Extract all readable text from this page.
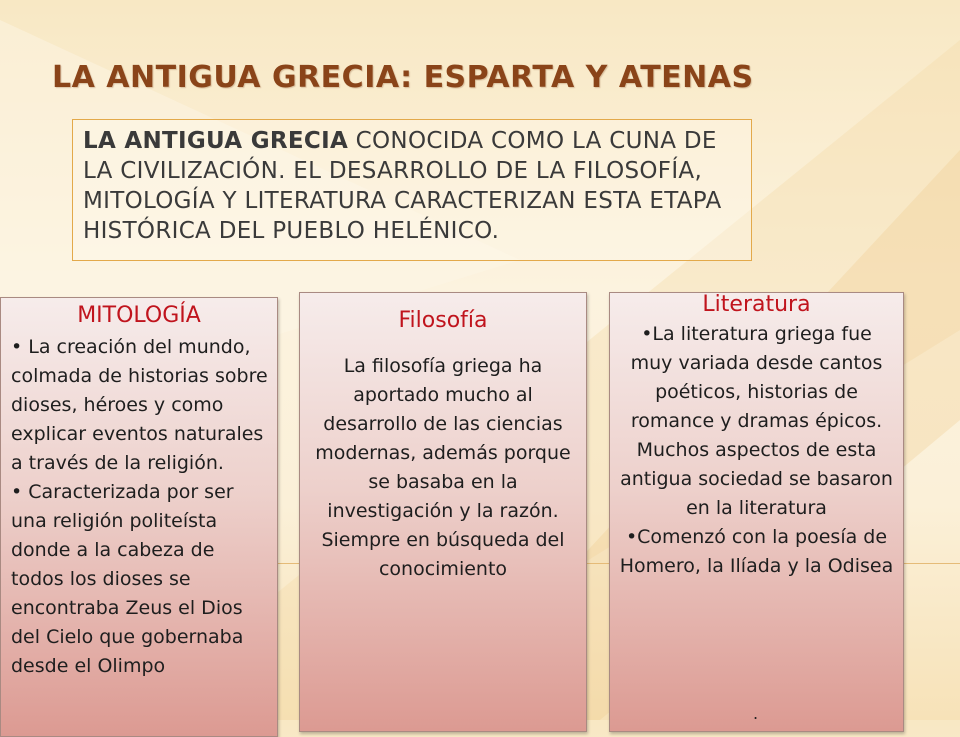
LA ANTIGUA GRECIA: ESPARTA Y ATENAS

LA ANTIGUA GRECIA CONOCIDA COMO LA CUNA DE LA CIVILIZACIÓN. EL DESARROLLO DE LA FILOSOFÍA, MITOLOGÍA Y LITERATURA CARACTERIZAN ESTA ETAPA HISTÓRICA DEL PUEBLO HELÉNICO.

MITOLOGÍA

• La creación del mundo, colmada de historias sobre dioses, héroes y como explicar eventos naturales a través de la religión.

• Caracterizada por ser una religión politeísta donde a la cabeza de todos los dioses se encontraba Zeus el Dios del Cielo que gobernaba desde el Olimpo

Filosofía
La filosofía griega ha aportado mucho al desarrollo de las ciencias modernas, además porque se basaba en la investigación y la razón. Siempre en búsqueda del conocimiento
Literatura

•La literatura griega fue muy variada desde cantos poéticos, historias de romance y dramas épicos. Muchos aspectos de esta antigua sociedad se basaron en la literatura

•Comenzó con la poesía de Homero, la Ilíada y la Odisea

.
